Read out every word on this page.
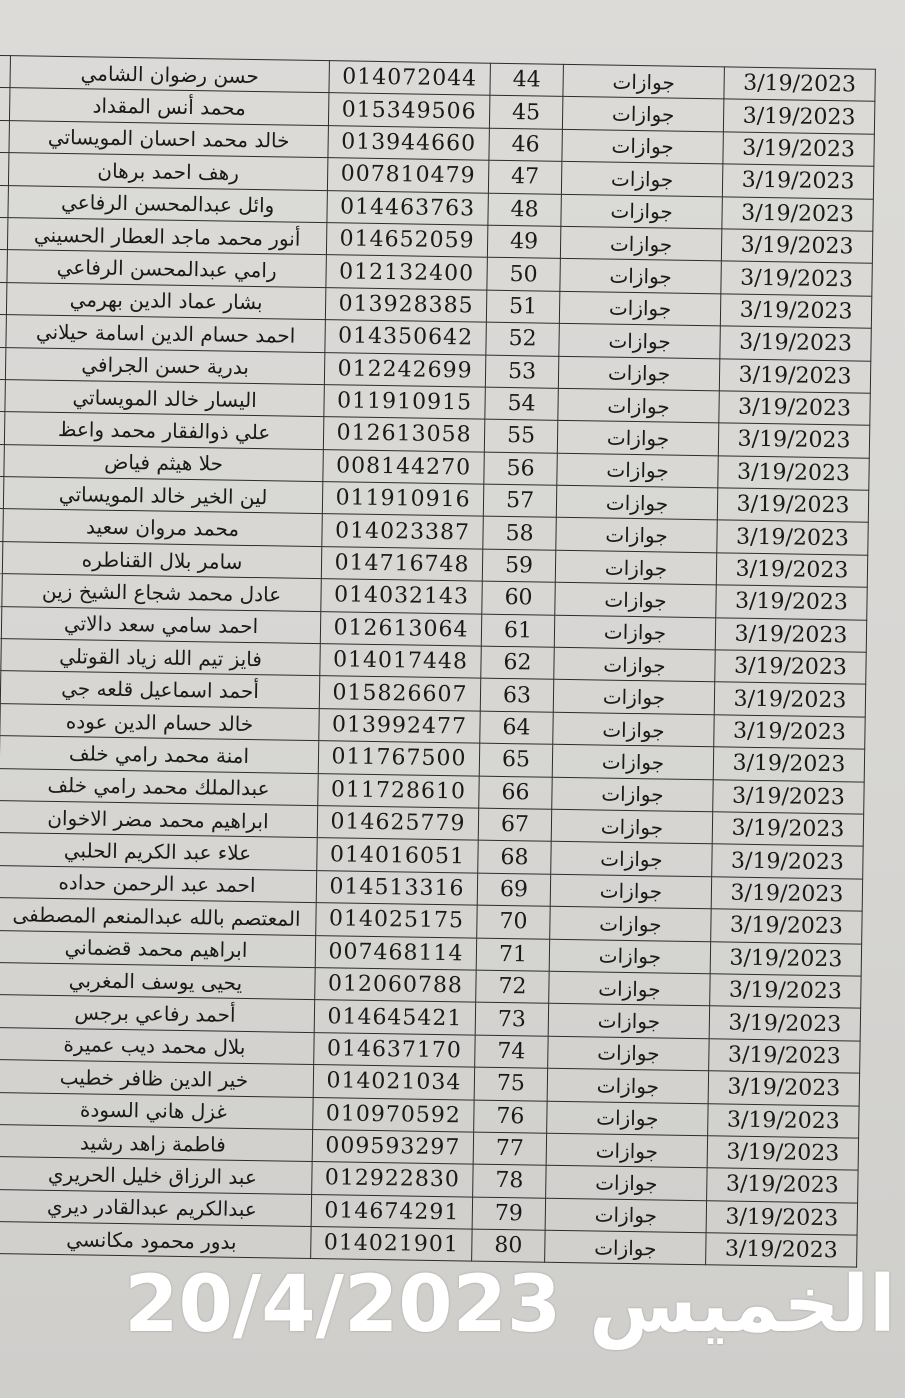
	حسن رضوان الشامي	014072044	44	جوازات	3/19/2023
	محمد أنس المقداد	015349506	45	جوازات	3/19/2023
	خالد محمد احسان المويساتي	013944660	46	جوازات	3/19/2023
	رهف احمد برهان	007810479	47	جوازات	3/19/2023
	وائل عبدالمحسن الرفاعي	014463763	48	جوازات	3/19/2023
	أنور محمد ماجد العطار الحسيني	014652059	49	جوازات	3/19/2023
	رامي عبدالمحسن الرفاعي	012132400	50	جوازات	3/19/2023
	بشار عماد الدين بهرمي	013928385	51	جوازات	3/19/2023
	احمد حسام الدين اسامة حيلاني	014350642	52	جوازات	3/19/2023
	بدرية حسن الجرافي	012242699	53	جوازات	3/19/2023
	اليسار خالد المويساتي	011910915	54	جوازات	3/19/2023
	علي ذوالفقار محمد واعظ	012613058	55	جوازات	3/19/2023
	حلا هيثم فياض	008144270	56	جوازات	3/19/2023
	لين الخير خالد المويساتي	011910916	57	جوازات	3/19/2023
	محمد مروان سعيد	014023387	58	جوازات	3/19/2023
	سامر بلال القناطره	014716748	59	جوازات	3/19/2023
	عادل محمد شجاع الشيخ زين	014032143	60	جوازات	3/19/2023
	احمد سامي سعد دالاتي	012613064	61	جوازات	3/19/2023
	فايز تيم الله زياد القوتلي	014017448	62	جوازات	3/19/2023
	أحمد اسماعيل قلعه جي	015826607	63	جوازات	3/19/2023
	خالد حسام الدين عوده	013992477	64	جوازات	3/19/2023
	امنة محمد رامي خلف	011767500	65	جوازات	3/19/2023
	عبدالملك محمد رامي خلف	011728610	66	جوازات	3/19/2023
	ابراهيم محمد مضر الاخوان	014625779	67	جوازات	3/19/2023
	علاء عبد الكريم الحلبي	014016051	68	جوازات	3/19/2023
	احمد عبد الرحمن حداده	014513316	69	جوازات	3/19/2023
	المعتصم بالله عبدالمنعم المصطفى	014025175	70	جوازات	3/19/2023
	ابراهيم محمد قضماني	007468114	71	جوازات	3/19/2023
	يحيى يوسف المغربي	012060788	72	جوازات	3/19/2023
	أحمد رفاعي برجس	014645421	73	جوازات	3/19/2023
	بلال محمد ديب عميرة	014637170	74	جوازات	3/19/2023
	خير الدين ظافر خطيب	014021034	75	جوازات	3/19/2023
	غزل هاني السودة	010970592	76	جوازات	3/19/2023
	فاطمة زاهد رشيد	009593297	77	جوازات	3/19/2023
	عبد الرزاق خليل الحريري	012922830	78	جوازات	3/19/2023
	عبدالكريم عبدالقادر ديري	014674291	79	جوازات	3/19/2023
	بدور محمود مكانسي	014021901	80	جوازات	3/19/2023
20/4/2023 الخميس
